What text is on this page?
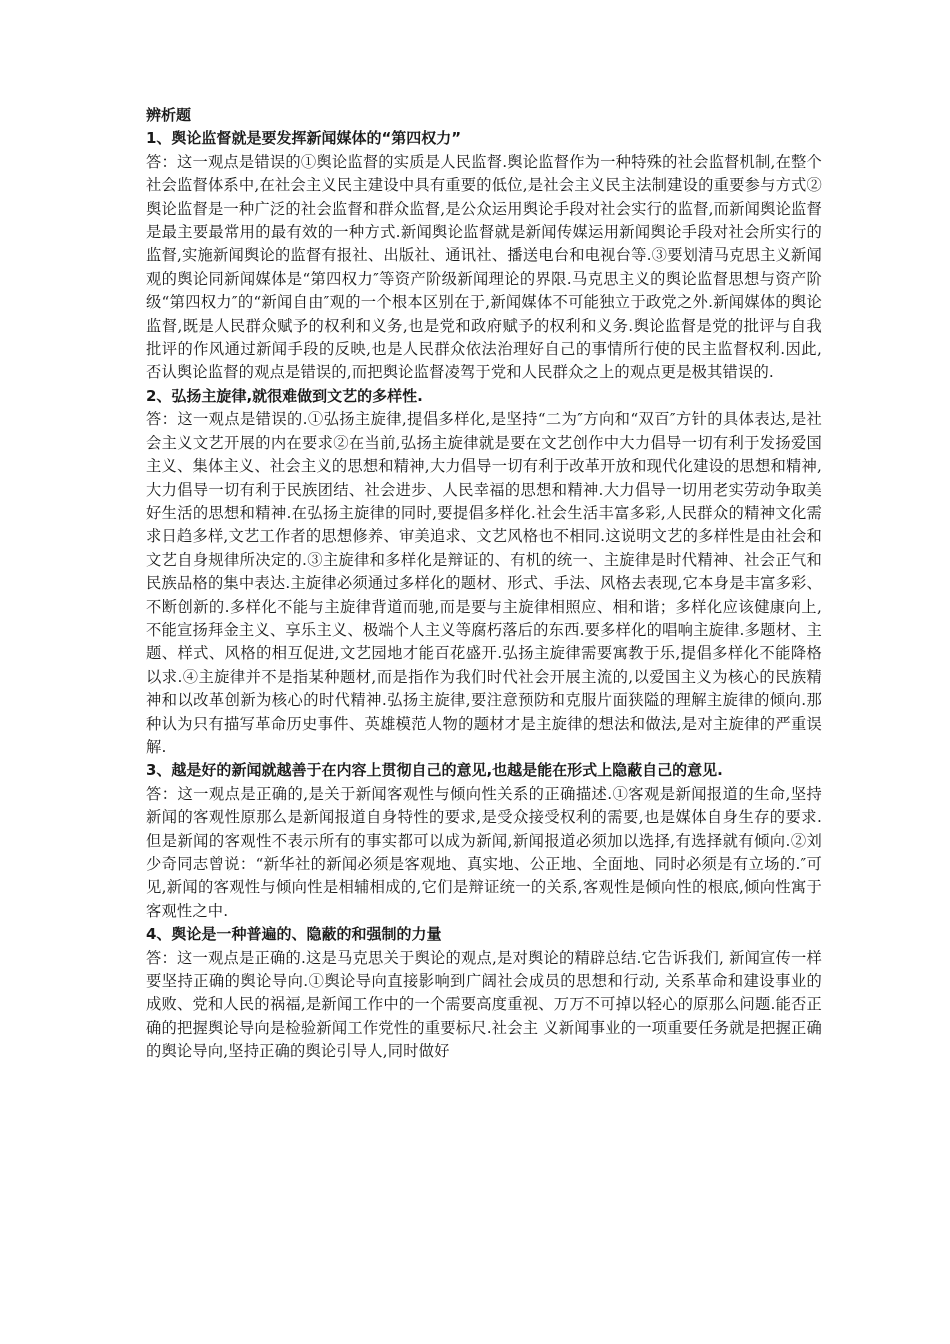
辨析题
1、舆论监督就是要发挥新闻媒体的“第四权力”

答：这一观点是错误的①舆论监督的实质是人民监督.舆论监督作为一种特殊的社会监督机制,在整个社会监督体系中,在社会主义民主建设中具有重要的低位,是社会主义民主法制建设的重要参与方式②舆论监督是一种广泛的社会监督和群众监督,是公众运用舆论手段对社会实行的监督,而新闻舆论监督是最主要最常用的最有效的一种方式.新闻舆论监督就是新闻传媒运用新闻舆论手段对社会所实行的监督,实施新闻舆论的监督有报社、出版社、通讯社、播送电台和电视台等.③要划清马克思主义新闻观的舆论同新闻媒体是“第四权力″等资产阶级新闻理论的界限.马克思主义的舆论监督思想与资产阶级“第四权力″的“新闻自由″观的一个根本区别在于,新闻媒体不可能独立于政党之外.新闻媒体的舆论监督,既是人民群众赋予的权利和义务,也是党和政府赋予的权利和义务.舆论监督是党的批评与自我批评的作风通过新闻手段的反映,也是人民群众依法治理好自己的事情所行使的民主监督权利.因此,否认舆论监督的观点是错误的,而把舆论监督凌驾于党和人民群众之上的观点更是极其错误的.

2、弘扬主旋律,就很难做到文艺的多样性.

答：这一观点是错误的.①弘扬主旋律,提倡多样化,是坚持“二为″方向和“双百″方针的具体表达,是社会主义文艺开展的内在要求②在当前,弘扬主旋律就是要在文艺创作中大力倡导一切有利于发扬爱国主义、集体主义、社会主义的思想和精神,大力倡导一切有利于改革开放和现代化建设的思想和精神,大力倡导一切有利于民族团结、社会进步、人民幸福的思想和精神.大力倡导一切用老实劳动争取美好生活的思想和精神.在弘扬主旋律的同时,要提倡多样化.社会生活丰富多彩,人民群众的精神文化需求日趋多样,文艺工作者的思想修养、审美追求、文艺风格也不相同.这说明文艺的多样性是由社会和文艺自身规律所决定的.③主旋律和多样化是辩证的、有机的统一、主旋律是时代精神、社会正气和民族品格的集中表达.主旋律必须通过多样化的题材、形式、手法、风格去表现,它本身是丰富多彩、不断创新的.多样化不能与主旋律背道而驰,而是要与主旋律相照应、相和谐；多样化应该健康向上,不能宣扬拜金主义、享乐主义、极端个人主义等腐朽落后的东西.要多样化的唱响主旋律.多题材、主题、样式、风格的相互促进,文艺园地才能百花盛开.弘扬主旋律需要寓教于乐,提倡多样化不能降格以求.④主旋律并不是指某种题材,而是指作为我们时代社会开展主流的,以爱国主义为核心的民族精神和以改革创新为核心的时代精神.弘扬主旋律,要注意预防和克服片面狭隘的理解主旋律的倾向.那种认为只有描写革命历史事件、英雄模范人物的题材才是主旋律的想法和做法,是对主旋律的严重误解.

3、越是好的新闻就越善于在内容上贯彻自己的意见,也越是能在形式上隐蔽自己的意见.

答：这一观点是正确的,是关于新闻客观性与倾向性关系的正确描述.①客观是新闻报道的生命,坚持新闻的客观性原那么是新闻报道自身特性的要求,是受众接受权利的需要,也是媒体自身生存的要求.但是新闻的客观性不表示所有的事实都可以成为新闻,新闻报道必须加以选择,有选择就有倾向.②刘少奇同志曾说：“新华社的新闻必须是客观地、真实地、公正地、全面地、同时必须是有立场的.″可见,新闻的客观性与倾向性是相辅相成的,它们是辩证统一的关系,客观性是倾向性的根底,倾向性寓于客观性之中.

4、舆论是一种普遍的、隐蔽的和强制的力量

答：这一观点是正确的.这是马克思关于舆论的观点,是对舆论的精辟总结.它告诉我们, 新闻宣传一样要坚持正确的舆论导向.①舆论导向直接影响到广阔社会成员的思想和行动, 关系革命和建设事业的成败、党和人民的祸福,是新闻工作中的一个需要高度重视、万万不可掉以轻心的原那么问题.能否正确的把握舆论导向是检验新闻工作党性的重要标尺.社会主 义新闻事业的一项重要任务就是把握正确的舆论导向,坚持正确的舆论引导人,同时做好
